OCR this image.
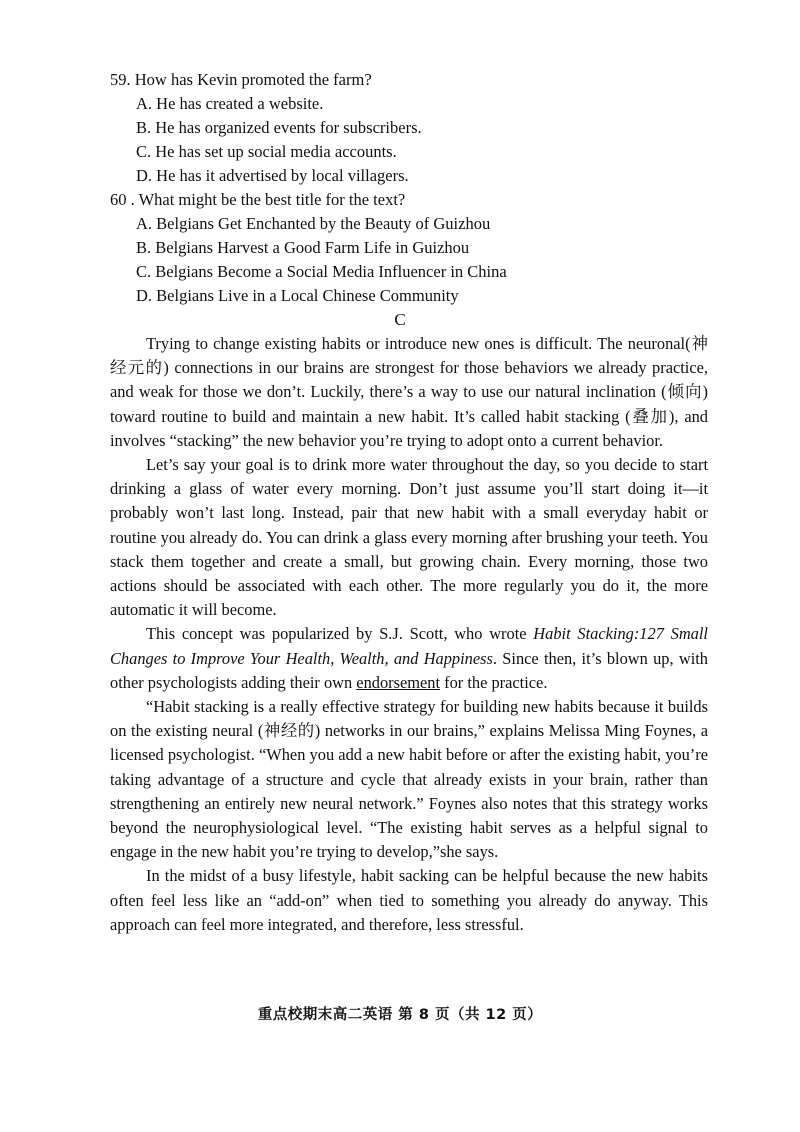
59. How has Kevin promoted the farm?
A. He has created a website.
B. He has organized events for subscribers.
C. He has set up social media accounts.
D. He has it advertised by local villagers.
60 . What might be the best title for the text?
A. Belgians Get Enchanted by the Beauty of Guizhou
B. Belgians Harvest a Good Farm Life in Guizhou
C. Belgians Become a Social Media Influencer in China
D. Belgians Live in a Local Chinese Community
C

Trying to change existing habits or introduce new ones is difficult. The neuronal(神经元的) connections in our brains are strongest for those behaviors we already practice, and weak for those we don’t. Luckily, there’s a way to use our natural inclination (倾向) toward routine to build and maintain a new habit. It’s called habit stacking (叠加), and involves “stacking” the new behavior you’re trying to adopt onto a current behavior.

Let’s say your goal is to drink more water throughout the day, so you decide to start drinking a glass of water every morning. Don’t just assume you’ll start doing it—it probably won’t last long. Instead, pair that new habit with a small everyday habit or routine you already do. You can drink a glass every morning after brushing your teeth. You stack them together and create a small, but growing chain. Every morning, those two actions should be associated with each other. The more regularly you do it, the more automatic it will become.

This concept was popularized by S.J. Scott, who wrote Habit Stacking:127 Small Changes to Improve Your Health, Wealth, and Happiness. Since then, it’s blown up, with other psychologists adding their own endorsement for the practice.

“Habit stacking is a really effective strategy for building new habits because it builds on the existing neural (神经的) networks in our brains,” explains Melissa Ming Foynes, a licensed psychologist. “When you add a new habit before or after the existing habit, you’re taking advantage of a structure and cycle that already exists in your brain, rather than strengthening an entirely new neural network.” Foynes also notes that this strategy works beyond the neurophysiological level. “The existing habit serves as a helpful signal to engage in the new habit you’re trying to develop,”she says.

In the midst of a busy lifestyle, habit sacking can be helpful because the new habits often feel less like an “add-on” when tied to something you already do anyway. This approach can feel more integrated, and therefore, less stressful.

重点校期末高二英语 第 8 页（共 12 页）
